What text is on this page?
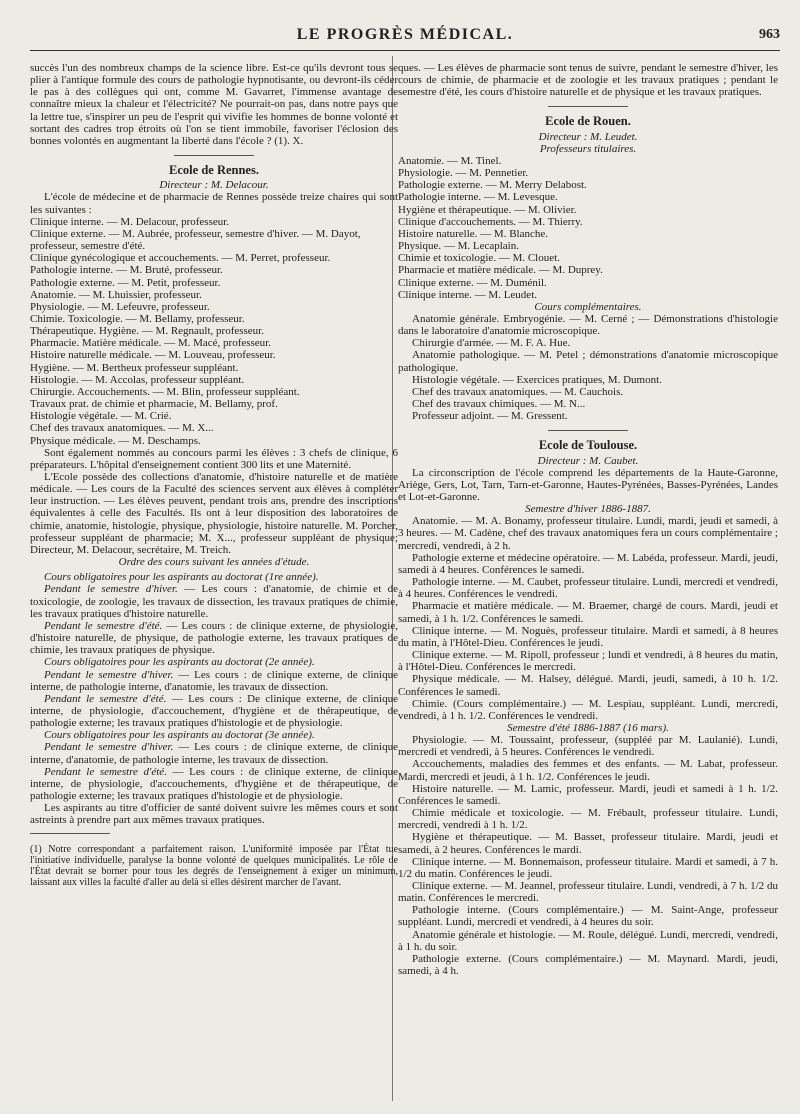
LE PROGRÈS MÉDICAL.	963

succès l'un des nombreux champs de la science libre. Est-ce qu'ils devront tous se plier à l'antique formule des cours de pathologie hypnotisante, ou devront-ils céder le pas à des collègues qui ont, comme M. Gavarret, l'immense avantage de connaître mieux la chaleur et l'électricité? Ne pourrait-on pas, dans notre pays que la lettre tue, s'inspirer un peu de l'esprit qui vivifie les hommes de bonne volonté et sortant des cadres trop étroits où l'on se tient immobile, favoriser l'éclosion des bonnes volontés en augmentant la liberté dans l'école ? (1). X.

Ecole de Rennes.
Directeur : M. Delacour.

L'école de médecine et de pharmacie de Rennes possède treize chaires qui sont les suivantes :

Clinique interne. — M. Delacour, professeur.
Clinique externe. — M. Aubrée, professeur, semestre d'hiver. — M. Dayot, professeur, semestre d'été.
Clinique gynécologique et accouchements. — M. Perret, professeur.
Pathologie interne. — M. Bruté, professeur.
Pathologie externe. — M. Petit, professeur.
Anatomie. — M. Lhuissier, professeur.
Physiologie. — M. Lefeuvre, professeur.
Chimie. Toxicologie. — M. Bellamy, professeur.
Thérapeutique. Hygiène. — M. Regnault, professeur.
Pharmacie. Matière médicale. — M. Macé, professeur.
Histoire naturelle médicale. — M. Louveau, professeur.
Hygiène. — M. Bertheux professeur suppléant.
Histologie. — M. Accolas, professeur suppléant.
Chirurgie. Accouchements. — M. Blin, professeur suppléant.
Travaux prat. de chimie et pharmacie, M. Bellamy, prof.
Histologie végétale. — M. Crié.
Chef des travaux anatomiques. — M. X...
Physique médicale. — M. Deschamps.

Sont également nommés au concours parmi les élèves : 3 chefs de clinique, 6 préparateurs. L'hôpital d'enseignement contient 300 lits et une Maternité.

L'Ecole possède des collections d'anatomie, d'histoire naturelle et de matière médicale. — Les cours de la Faculté des sciences servent aux élèves à compléter leur instruction. — Les élèves peuvent, pendant trois ans, prendre des inscriptions équivalentes à celle des Facultés. Ils ont à leur disposition des laboratoires de chimie, anatomie, histologie, physique, physiologie, histoire naturelle. M. Porcher, professeur suppléant de pharmacie; M. X..., professeur suppléant de physique; Directeur, M. Delacour, secrétaire, M. Treich.

Ordre des cours suivant les années d'étude.

Cours obligatoires pour les aspirants au doctorat (1re année).

Pendant le semestre d'hiver. — Les cours : d'anatomie, de chimie et de toxicologie, de zoologie, les travaux de dissection, les travaux pratiques de chimie, les travaux pratiques d'histoire naturelle.

Pendant le semestre d'été. — Les cours : de clinique externe, de physiologie, d'histoire naturelle, de physique, de pathologie externe, les travaux pratiques de chimie, les travaux pratiques de physique.

Cours obligatoires pour les aspirants au doctorat (2e année).

Pendant le semestre d'hiver. — Les cours : de clinique externe, de clinique interne, de pathologie interne, d'anatomie, les travaux de dissection.

Pendant le semestre d'été. — Les cours : De clinique externe, de clinique interne, de physiologie, d'accouchement, d'hygiène et de thérapeutique, de pathologie externe; les travaux pratiques d'histologie et de physiologie.

Cours obligatoires pour les aspirants au doctorat (3e année).

Pendant le semestre d'hiver. — Les cours : de clinique externe, de clinique interne, d'anatomie, de pathologie interne, les travaux de dissection.

Pendant le semestre d'été. — Les cours : de clinique externe, de clinique interne, de physiologie, d'accouchements, d'hygiène et de thérapeutique, de pathologie externe; les travaux pratiques d'histologie et de physiologie.

Les aspirants au titre d'officier de santé doivent suivre les mêmes cours et sont astreints à prendre part aux mêmes travaux pratiques.

(1) Notre correspondant a parfaitement raison. L'uniformité imposée par l'État tue l'initiative individuelle, paralyse la bonne volonté de quelques municipalités. Le rôle de l'État devrait se borner pour tous les degrés de l'enseignement à exiger un minimum, laissant aux villes la faculté d'aller au delà si elles désirent marcher de l'avant.

ques. — Les élèves de pharmacie sont tenus de suivre, pendant le semestre d'hiver, les cours de chimie, de pharmacie et de zoologie et les travaux pratiques ; pendant le semestre d'été, les cours d'histoire naturelle et de physique et les travaux pratiques.

Ecole de Rouen.
Directeur : M. Leudet.
Professeurs titulaires.
Anatomie. — M. Tinel.
Physiologie. — M. Pennetier.
Pathologie externe. — M. Merry Delabost.
Pathologie interne. — M. Levesque.
Hygiène et thérapeutique. — M. Olivier.
Clinique d'accouchements. — M. Thierry.
Histoire naturelle. — M. Blanche.
Physique. — M. Lecaplain.
Chimie et toxicologie. — M. Clouet.
Pharmacie et matière médicale. — M. Duprey.
Clinique externe. — M. Duménil.
Clinique interne. — M. Leudet.
Cours complémentaires.

Anatomie générale. Embryogénie. — M. Cerné ; — Démonstrations d'histologie dans le laboratoire d'anatomie microscopique.

Chirurgie d'armée. — M. F. A. Hue.

Anatomie pathologique. — M. Petel ; démonstrations d'anatomie microscopique pathologique.

Histologie végétale. — Exercices pratiques, M. Dumont.

Chef des travaux anatomiques. — M. Cauchois.

Chef des travaux chimiques. — M. N...

Professeur adjoint. — M. Gressent.

Ecole de Toulouse.
Directeur : M. Caubet.

La circonscription de l'école comprend les départements de la Haute-Garonne, Ariège, Gers, Lot, Tarn, Tarn-et-Garonne, Hautes-Pyrénées, Basses-Pyrénées, Landes et Lot-et-Garonne.

Semestre d'hiver 1886-1887.

Anatomie. — M. A. Bonamy, professeur titulaire. Lundi, mardi, jeudi et samedi, à 3 heures. — M. Cadène, chef des travaux anatomiques fera un cours complémentaire ; mercredi, vendredi, à 2 h.

Pathologie externe et médecine opératoire. — M. Labéda, professeur. Mardi, jeudi, samedi à 4 heures. Conférences le samedi.

Pathologie interne. — M. Caubet, professeur titulaire. Lundi, mercredi et vendredi, à 4 heures. Conférences le vendredi.

Pharmacie et matière médicale. — M. Braemer, chargé de cours. Mardi, jeudi et samedi, à 1 h. 1/2. Conférences le samedi.

Clinique interne. — M. Noguès, professeur titulaire. Mardi et samedi, à 8 heures du matin, à l'Hôtel-Dieu. Conférences le jeudi.

Clinique externe. — M. Ripoll, professeur ; lundi et vendredi, à 8 heures du matin, à l'Hôtel-Dieu. Conférences le mercredi.

Physique médicale. — M. Halsey, délégué. Mardi, jeudi, samedi, à 10 h. 1/2. Conférences le samedi.

Chimie. (Cours complémentaire.) — M. Lespiau, suppléant. Lundi, mercredi, vendredi, à 1 h. 1/2. Conférences le vendredi.

Semestre d'été 1886-1887 (16 mars).

Physiologie. — M. Toussaint, professeur, (suppléé par M. Laulanié). Lundi, mercredi et vendredi, à 5 heures. Conférences le vendredi.

Accouchements, maladies des femmes et des enfants. — M. Labat, professeur. Mardi, mercredi et jeudi, à 1 h. 1/2. Conférences le jeudi.

Histoire naturelle. — M. Lamic, professeur. Mardi, jeudi et samedi à 1 h. 1/2. Conférences le samedi.

Chimie médicale et toxicologie. — M. Frébault, professeur titulaire. Lundi, mercredi, vendredi à 1 h. 1/2.

Hygiène et thérapeutique. — M. Basset, professeur titulaire. Mardi, jeudi et samedi, à 2 heures. Conférences le mardi.

Clinique interne. — M. Bonnemaison, professeur titulaire. Mardi et samedi, à 7 h. 1/2 du matin. Conférences le jeudi.

Clinique externe. — M. Jeannel, professeur titulaire. Lundi, vendredi, à 7 h. 1/2 du matin. Conférences le mercredi.

Pathologie interne. (Cours complémentaire.) — M. Saint-Ange, professeur suppléant. Lundi, mercredi et vendredi, à 4 heures du soir.

Anatomie générale et histologie. — M. Roule, délégué. Lundi, mercredi, vendredi, à 1 h. du soir.

Pathologie externe. (Cours complémentaire.) — M. Maynard. Mardi, jeudi, samedi, à 4 h.
